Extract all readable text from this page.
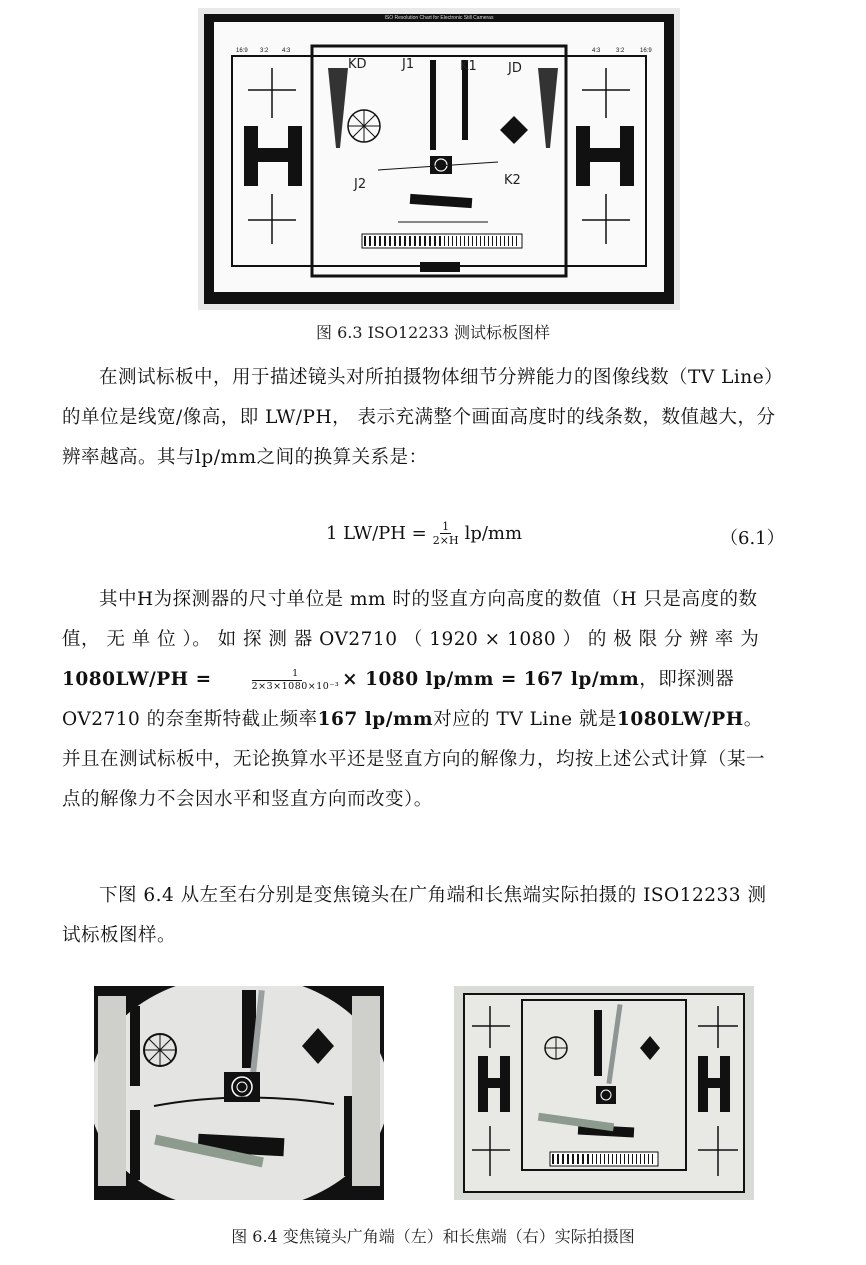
ISO Resolution Chart for Electronic Still Cameras
16:9 3:2 4:3	4:3	3:2	16:9
KD	J1	K1 JD
J2	K2
图 6.3 ISO12233 测试标板图样

在测试标板中，用于描述镜头对所拍摄物体细节分辨能力的图像线数（TV Line）的单位是线宽/像高，即 LW/PH， 表示充满整个画面高度时的线条数，数值越大，分辨率越高。其与lp/mm之间的换算关系是：

1 $LW/PH = \frac{1}{2\times H} lp/mm$	（6.1）

其中H为探测器的尺寸单位是 mm 时的竖直方向高度的数值（H 只是高度的数值， 无 单 位 ）。 如 探 测 器 OV2710 （ 1920 × 1080 ） 的 极 限 分 辨 率 为
$1080LW/PH = \frac{1}{\text{2×3×1080×10⁻³}} \times 1080$ lp/mm = 167 lp/mm，即探测器 OV2710 的奈奎斯特截止频率167 lp/mm对应的 TV Line 就是1080LW/PH。并且在测试标板中，无论换算水平还是竖直方向的解像力，均按上述公式计算（某一点的解像力不会因水平和竖直方向而改变）。

下图 6.4 从左至右分别是变焦镜头在广角端和长焦端实际拍摄的 ISO12233 测试标板图样。

图 6.4 变焦镜头广角端（左）和长焦端（右）实际拍摄图
